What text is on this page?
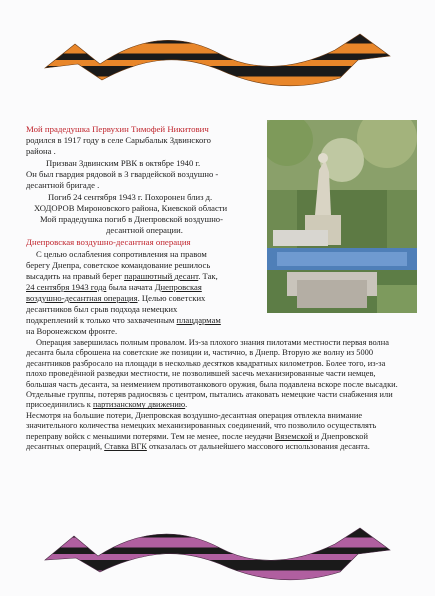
Мой прадедушка Первухин Тимофей Никитович
родился в 1917 году в селе Сарыбалык Здвинского
района .
Призван Здвинским РВК в октябре 1940 г.
Он был гвардия рядовой в 3 гвардейской воздушно -
десантной бригаде .
Погиб 24 сентября 1943 г. Похоронен близ д.
ХОДОРОВ Мироновского района, Киевской области
Мой прадедушка погиб в Днепровской воздушно-
десантной операции.
Днепровская воздушно-десантная операция
С целью ослабления сопротивления на правом
берегу Днепра, советское командование решилось
высадить на правый берег парашютный десант. Так,
24 сентября 1943 года была начата Днепровская
воздушно-десантная операция. Целью советских
десантников был срыв подхода немецких
подкреплений к только что захваченным плацдармам
на Воронежском фронте.

Операция завершилась полным провалом. Из-за плохого знания пилотами местности первая волна десанта была сброшена на советские же позиции и, частично, в Днепр. Вторую же волну из 5000 десантников разбросало на площади в несколько десятков квадратных километров. Более того, из-за плохо проведённой разведки местности, не позволившей засечь механизированные части немцев, большая часть десанта, за неимением противотанкового оружия, была подавлена вскоре после высадки. Отдельные группы, потеряв радиосвязь с центром, пытались атаковать немецкие части снабжения или присоединились к партизанскому движению.

Несмотря на большие потери, Днепровская воздушно-десантная операция отвлекла внимание значительного количества немецких механизированных соединений, что позволило осуществлять переправу войск с меньшими потерями. Тем не менее, после неудачи Вяземской и Днепровской десантных операций, Ставка ВГК отказалась от дальнейшего массового использования десанта.
